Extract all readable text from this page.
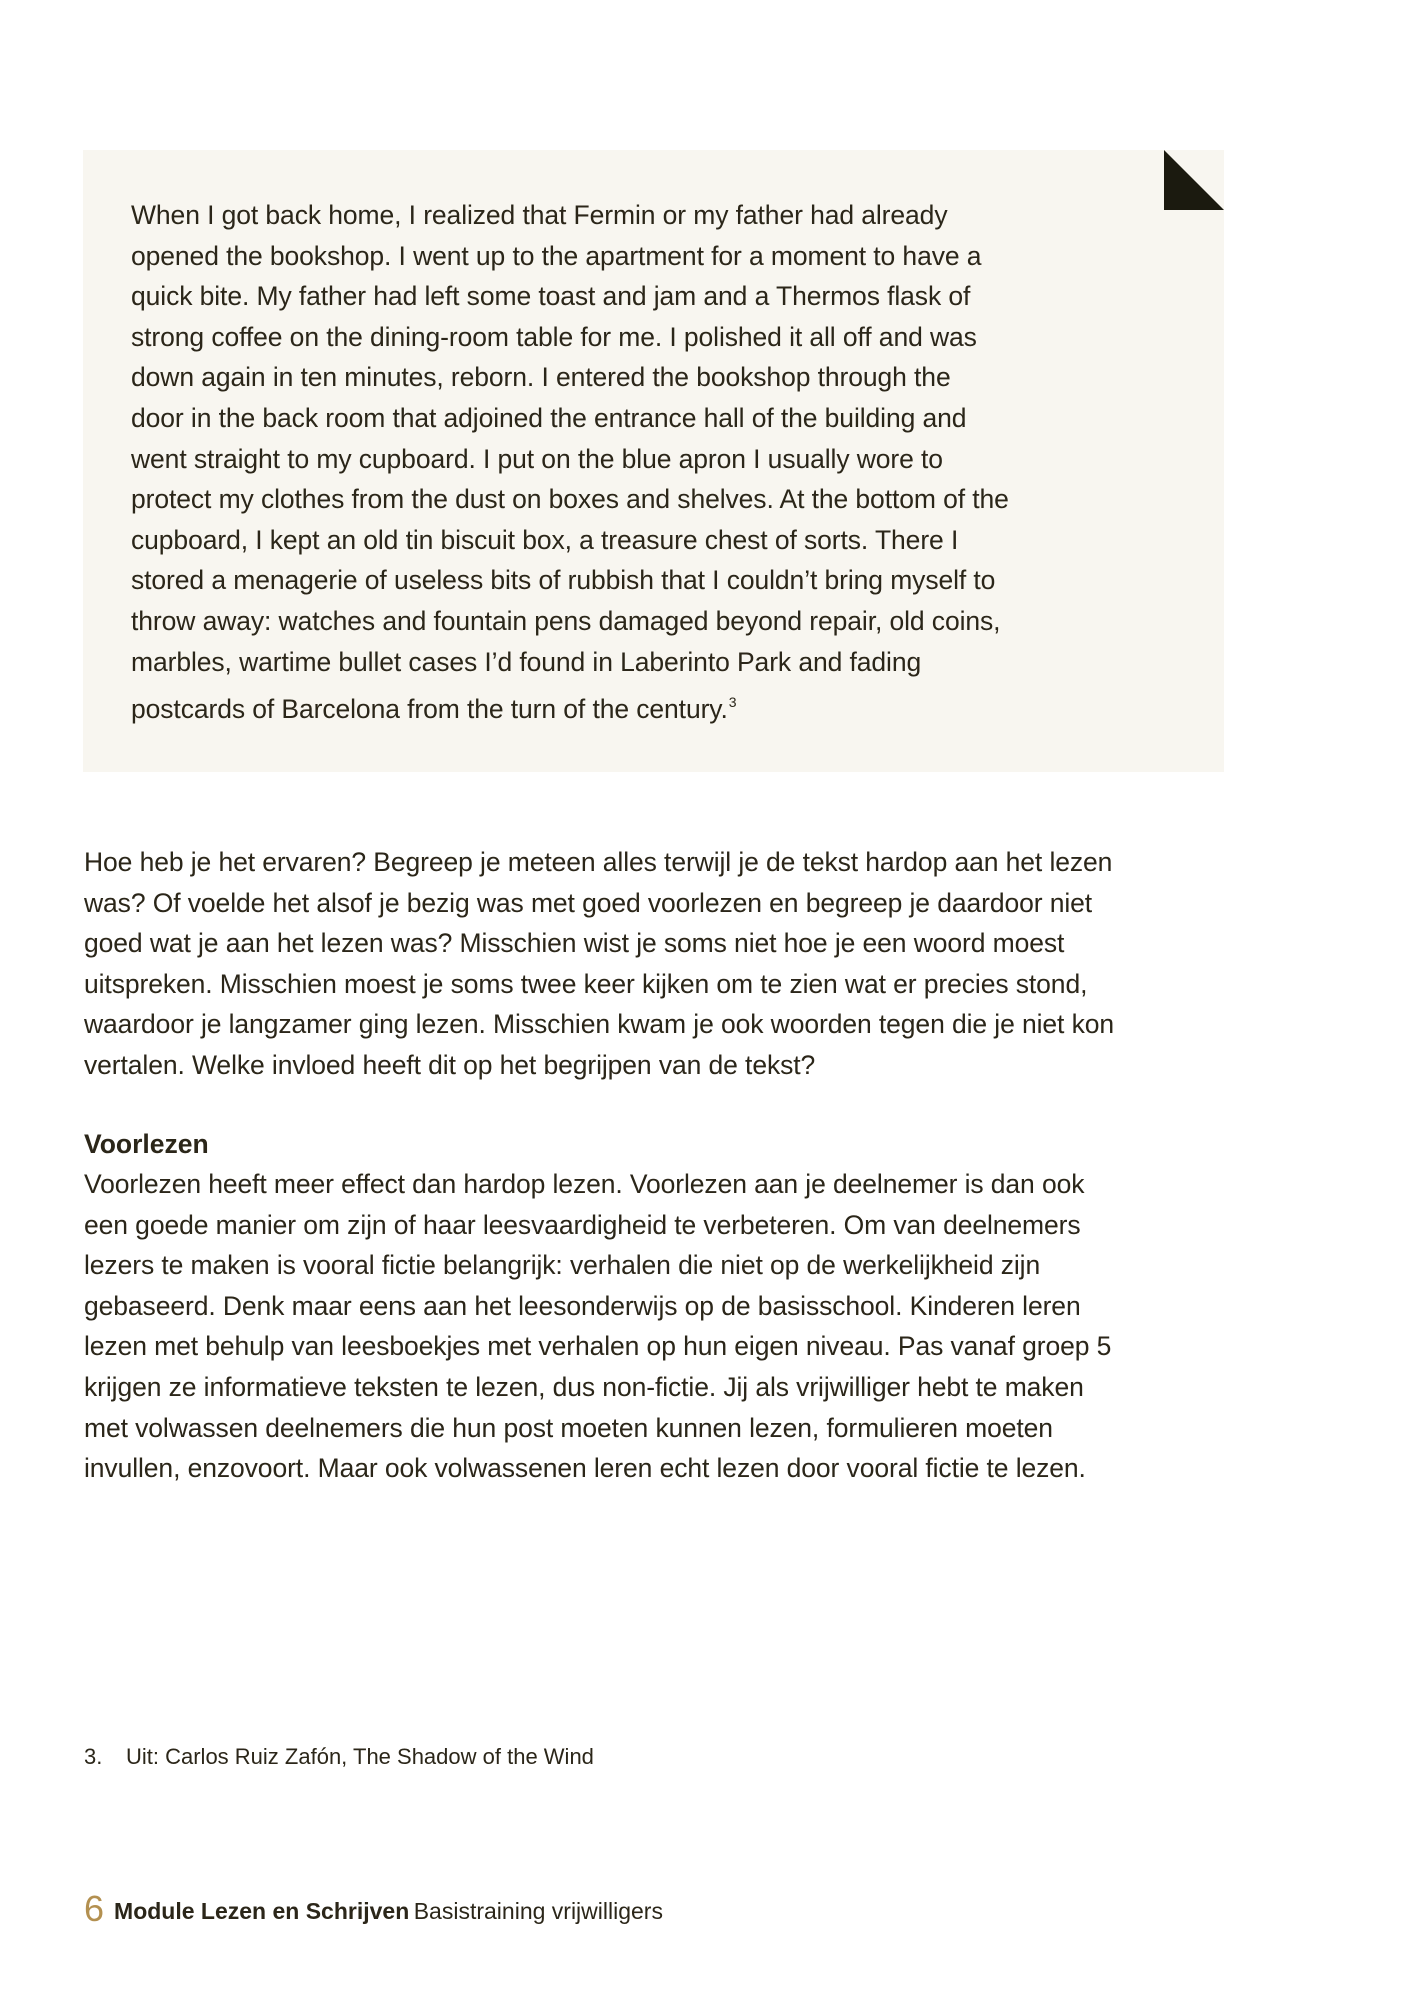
When I got back home, I realized that Fermin or my father had already
opened the bookshop. I went up to the apartment for a moment to have a
quick bite. My father had left some toast and jam and a Thermos flask of
strong coffee on the dining-room table for me. I polished it all off and was
down again in ten minutes, reborn. I entered the bookshop through the
door in the back room that adjoined the entrance hall of the building and
went straight to my cupboard. I put on the blue apron I usually wore to
protect my clothes from the dust on boxes and shelves. At the bottom of the
cupboard, I kept an old tin biscuit box, a treasure chest of sorts. There I
stored a menagerie of useless bits of rubbish that I couldn’t bring myself to
throw away: watches and fountain pens damaged beyond repair, old coins,
marbles, wartime bullet cases I’d found in Laberinto Park and fading
postcards of Barcelona from the turn of the century.$^3$
Hoe heb je het ervaren? Begreep je meteen alles terwijl je de tekst hardop aan het lezen
was? Of voelde het alsof je bezig was met goed voorlezen en begreep je daardoor niet
goed wat je aan het lezen was? Misschien wist je soms niet hoe je een woord moest
uitspreken. Misschien moest je soms twee keer kijken om te zien wat er precies stond,
waardoor je langzamer ging lezen. Misschien kwam je ook woorden tegen die je niet kon
vertalen. Welke invloed heeft dit op het begrijpen van de tekst?
Voorlezen
Voorlezen heeft meer effect dan hardop lezen. Voorlezen aan je deelnemer is dan ook
een goede manier om zijn of haar leesvaardigheid te verbeteren. Om van deelnemers
lezers te maken is vooral fictie belangrijk: verhalen die niet op de werkelijkheid zijn
gebaseerd. Denk maar eens aan het leesonderwijs op de basisschool. Kinderen leren
lezen met behulp van leesboekjes met verhalen op hun eigen niveau. Pas vanaf groep 5
krijgen ze informatieve teksten te lezen, dus non-fictie. Jij als vrijwilliger hebt te maken
met volwassen deelnemers die hun post moeten kunnen lezen, formulieren moeten
invullen, enzovoort. Maar ook volwassenen leren echt lezen door vooral fictie te lezen.
3. Uit: Carlos Ruiz Zafón, The Shadow of the Wind
6 Module Lezen en Schrijven Basistraining vrijwilligers
